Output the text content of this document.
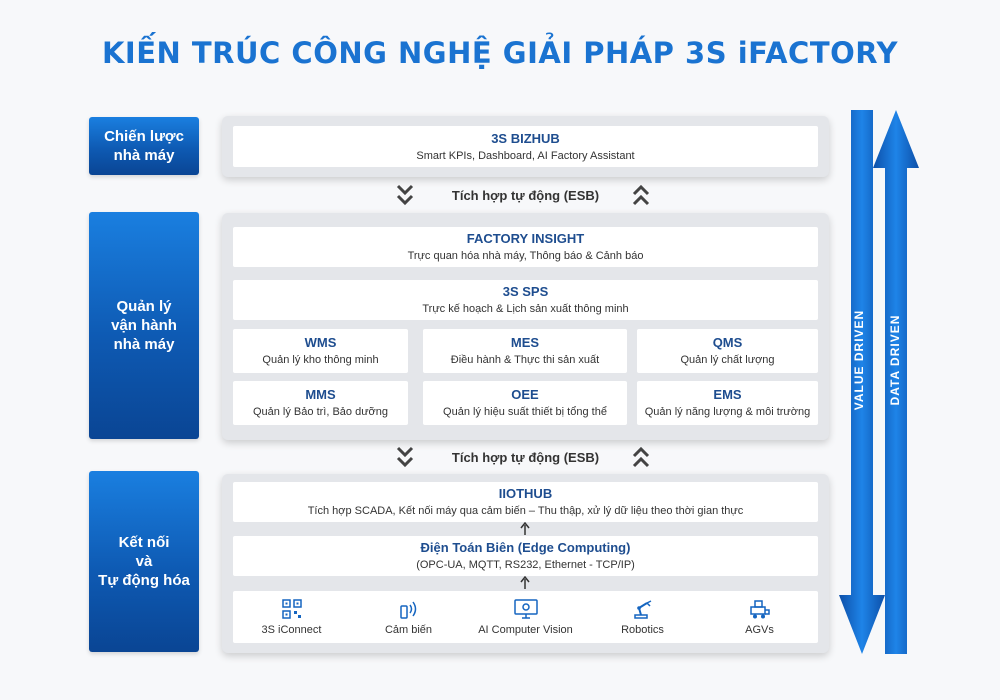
KIẾN TRÚC CÔNG NGHỆ GIẢI PHÁP 3S iFACTORY
Chiến lược
nhà máy
Quản lý
vận hành
nhà máy
Kết nối
và
Tự động hóa
3S BIZHUB
Smart KPIs, Dashboard, AI Factory Assistant
Tích hợp tự động (ESB)
FACTORY INSIGHT
Trực quan hóa nhà máy, Thông báo & Cảnh báo
3S SPS
Trực kế hoạch & Lịch sản xuất thông minh
WMS
Quản lý kho thông minh
MES
Điều hành & Thực thi sản xuất
QMS
Quản lý chất lượng
MMS
Quản lý Bảo trì, Bảo dưỡng
OEE
Quản lý hiệu suất thiết bị tổng thể
EMS
Quản lý năng lượng & môi trường
Tích hợp tự động (ESB)
IIOTHUB
Tích hợp SCADA, Kết nối máy qua cảm biến – Thu thập, xử lý dữ liệu theo thời gian thực
Điện Toán Biên (Edge Computing)
(OPC-UA, MQTT, RS232, Ethernet - TCP/IP)
3S iConnect	Cảm biến	AI Computer Vision	Robotics	AGVs
VALUE DRIVEN DATA DRIVEN
